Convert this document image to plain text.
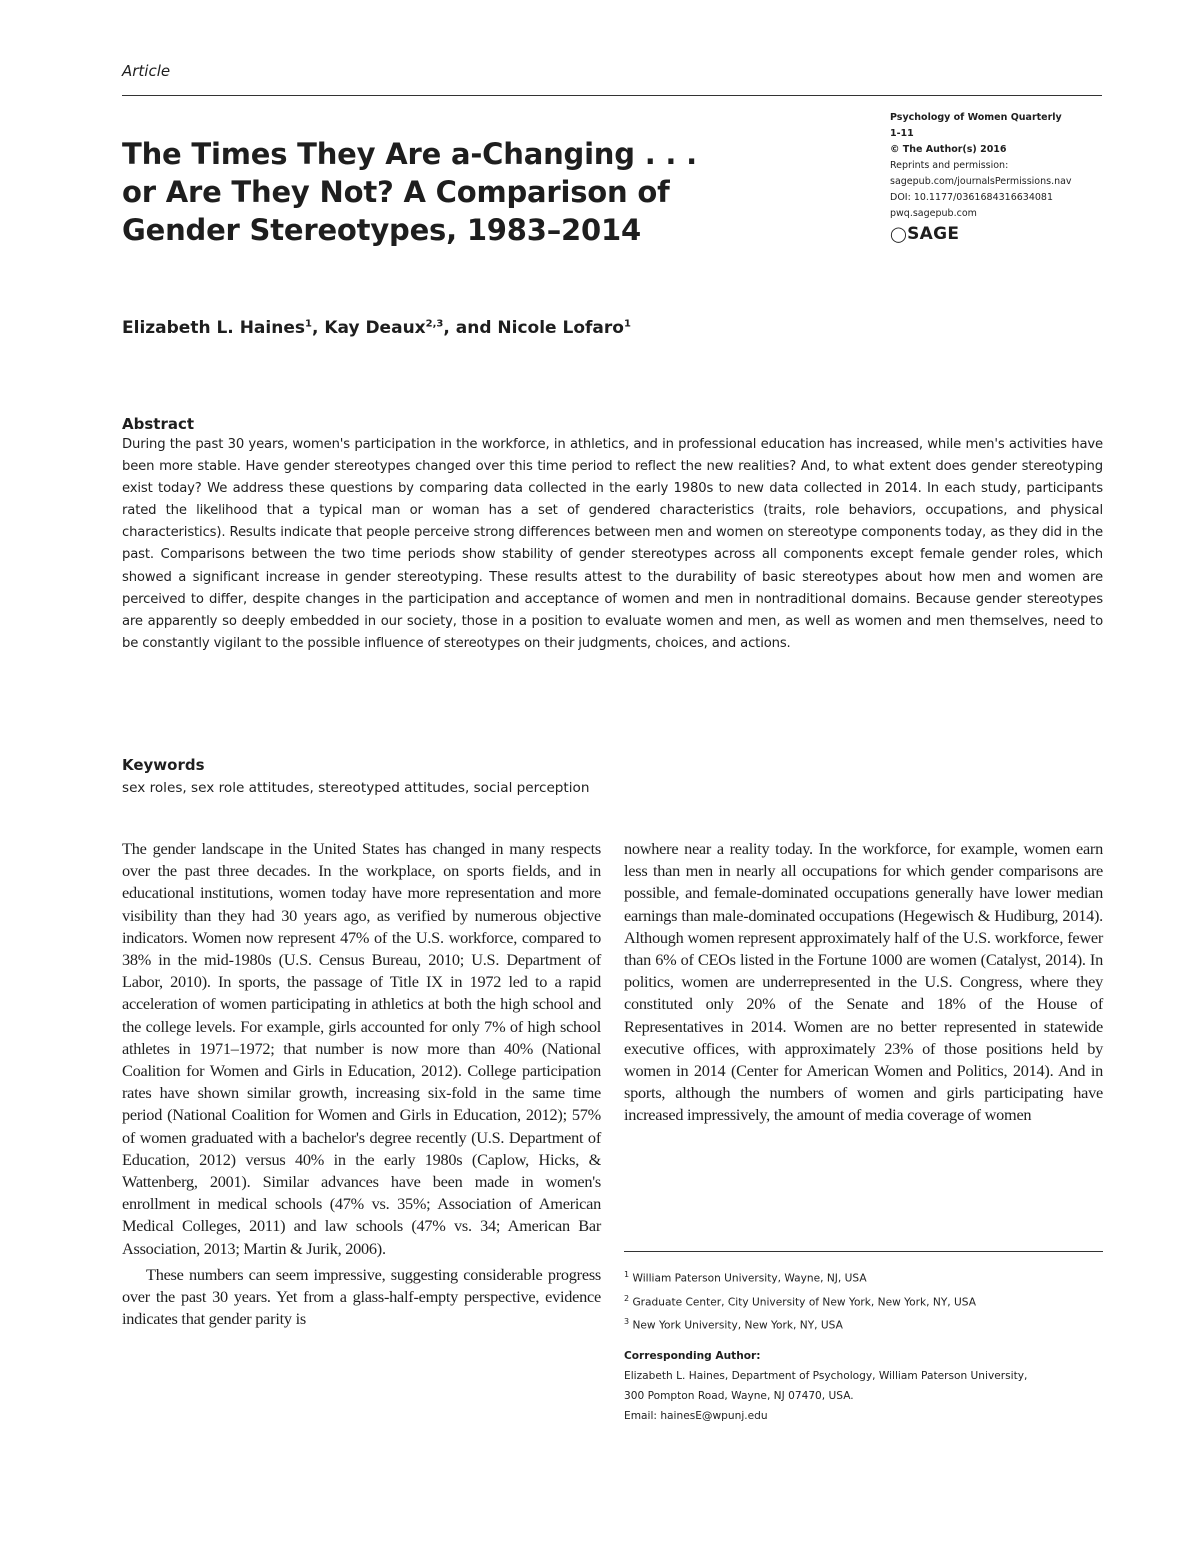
Article
The Times They Are a-Changing . . .
or Are They Not? A Comparison of
Gender Stereotypes, 1983–2014
Psychology of Women Quarterly
1-11
© The Author(s) 2016
Reprints and permission:
sagepub.com/journalsPermissions.nav
DOI: 10.1177/0361684316634081
pwq.sagepub.com
◯SAGE
Elizabeth L. Haines$^1$, Kay Deaux$^{2,3}$, and Nicole Lofaro$^1$
Abstract
During the past 30 years, women's participation in the workforce, in athletics, and in professional education has increased, while men's activities have been more stable. Have gender stereotypes changed over this time period to reflect the new realities? And, to what extent does gender stereotyping exist today? We address these questions by comparing data collected in the early 1980s to new data collected in 2014. In each study, participants rated the likelihood that a typical man or woman has a set of gendered characteristics (traits, role behaviors, occupations, and physical characteristics). Results indicate that people perceive strong differences between men and women on stereotype components today, as they did in the past. Comparisons between the two time periods show stability of gender stereotypes across all components except female gender roles, which showed a significant increase in gender stereotyping. These results attest to the durability of basic stereotypes about how men and women are perceived to differ, despite changes in the participation and acceptance of women and men in nontraditional domains. Because gender stereotypes are apparently so deeply embedded in our society, those in a position to evaluate women and men, as well as women and men themselves, need to be constantly vigilant to the possible influence of stereotypes on their judgments, choices, and actions.
Keywords
sex roles, sex role attitudes, stereotyped attitudes, social perception

The gender landscape in the United States has changed in many respects over the past three decades. In the workplace, on sports fields, and in educational institutions, women today have more representation and more visibility than they had 30 years ago, as verified by numerous objective indicators. Women now represent 47% of the U.S. workforce, compared to 38% in the mid-1980s (U.S. Census Bureau, 2010; U.S. Department of Labor, 2010). In sports, the passage of Title IX in 1972 led to a rapid acceleration of women participating in athletics at both the high school and the college levels. For example, girls accounted for only 7% of high school athletes in 1971–1972; that number is now more than 40% (National Coalition for Women and Girls in Education, 2012). College participation rates have shown similar growth, increasing six-fold in the same time period (National Coalition for Women and Girls in Education, 2012); 57% of women graduated with a bachelor's degree recently (U.S. Department of Education, 2012) versus 40% in the early 1980s (Caplow, Hicks, & Wattenberg, 2001). Similar advances have been made in women's enrollment in medical schools (47% vs. 35%; Association of American Medical Colleges, 2011) and law schools (47% vs. 34; American Bar Association, 2013; Martin & Jurik, 2006).

These numbers can seem impressive, suggesting considerable progress over the past 30 years. Yet from a glass-half-empty perspective, evidence indicates that gender parity is

nowhere near a reality today. In the workforce, for example, women earn less than men in nearly all occupations for which gender comparisons are possible, and female-dominated occupations generally have lower median earnings than male-dominated occupations (Hegewisch & Hudiburg, 2014). Although women represent approximately half of the U.S. workforce, fewer than 6% of CEOs listed in the Fortune 1000 are women (Catalyst, 2014). In politics, women are underrepresented in the U.S. Congress, where they constituted only 20% of the Senate and 18% of the House of Representatives in 2014. Women are no better represented in statewide executive offices, with approximately 23% of those positions held by women in 2014 (Center for American Women and Politics, 2014). And in sports, although the numbers of women and girls participating have increased impressively, the amount of media coverage of women

$^1$ William Paterson University, Wayne, NJ, USA
$^2$ Graduate Center, City University of New York, New York, NY, USA
$^3$ New York University, New York, NY, USA
Corresponding Author:
Elizabeth L. Haines, Department of Psychology, William Paterson University,
300 Pompton Road, Wayne, NJ 07470, USA.
Email: hainesE@wpunj.edu
